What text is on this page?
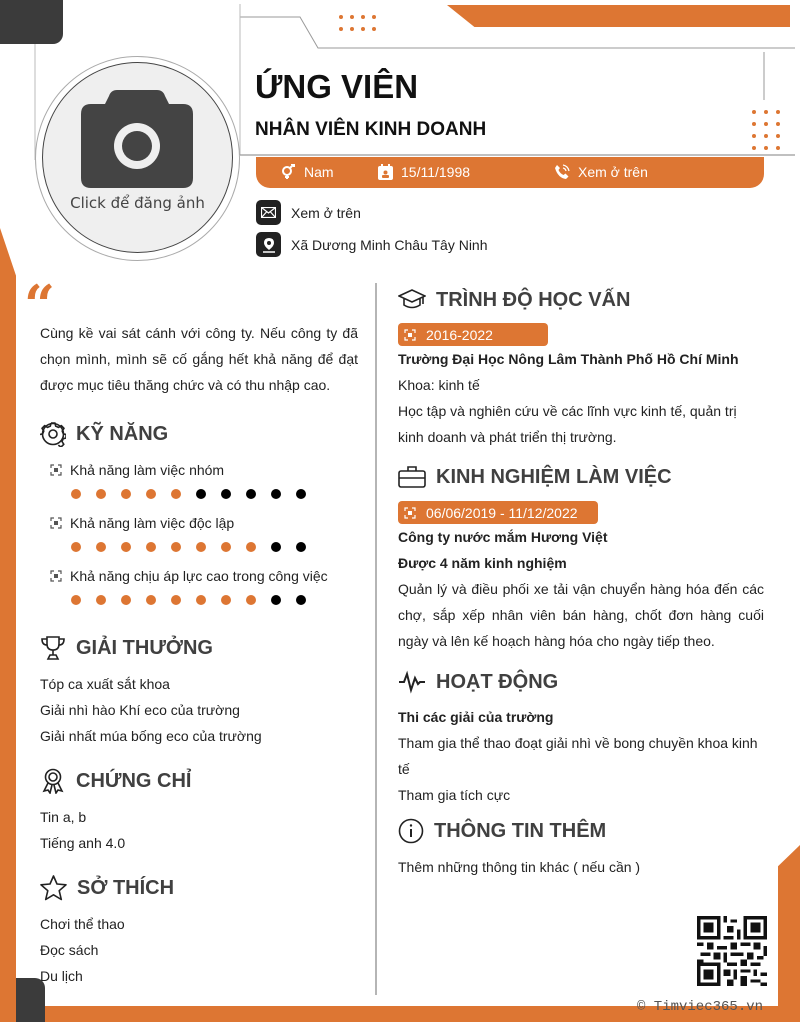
Click để đăng ảnh
ỨNG VIÊN
NHÂN VIÊN KINH DOANH
Nam	15/11/1998	Xem ở trên
Xem ở trên
Xã Dương Minh Châu Tây Ninh
“
Cùng kề vai sát cánh với công ty. Nếu công ty đã chọn mình, mình sẽ cố gắng hết khả năng để đạt được mục tiêu thăng chức và có thu nhập cao.
KỸ NĂNG
Khả năng làm việc nhóm
Khả năng làm việc độc lập
Khả năng chịu áp lực cao trong công việc
GIẢI THƯỞNG
Tóp ca xuất sắt khoa
Giải nhì hào Khí eco của trường
Giải nhất múa bống eco của trường
CHỨNG CHỈ
Tin a, b
Tiếng anh 4.0
SỞ THÍCH
Chơi thể thao
Đọc sách
Du lịch
TRÌNH ĐỘ HỌC VẤN
2016-2022
Trường Đại Học Nông Lâm Thành Phố Hồ Chí Minh
Khoa: kinh tế
Học tập và nghiên cứu về các lĩnh vực kinh tế, quản trị kinh doanh và phát triển thị trường.
KINH NGHIỆM LÀM VIỆC
06/06/2019 - 11/12/2022
Công ty nước mắm Hương Việt
Được 4 năm kinh nghiệm
Quản lý và điều phối xe tải vận chuyển hàng hóa đến các chợ, sắp xếp nhân viên bán hàng, chốt đơn hàng cuối ngày và lên kế hoạch hàng hóa cho ngày tiếp theo.
HOẠT ĐỘNG
Thi các giải của trường
Tham gia thể thao đoạt giải nhì về bong chuyền khoa kinh tế
Tham gia tích cực
THÔNG TIN THÊM
Thêm những thông tin khác ( nếu cần )
© Timviec365.vn
